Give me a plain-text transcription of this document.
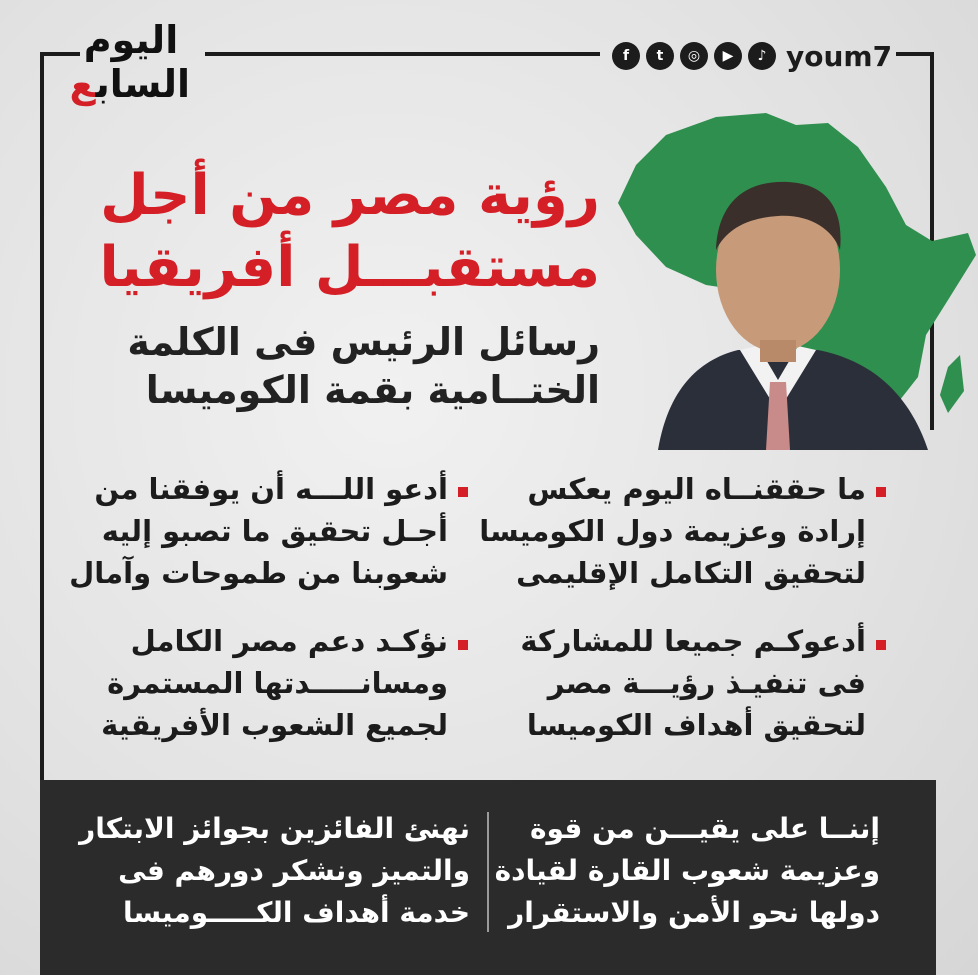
اليوم
السابع
youm7
♪
▶
◎
t
f
رؤية مصر من أجل
مستقبـــل أفريقيا
رسائل الرئيس فى الكلمة
الختــامية بقمة الكوميسا
ما حققنــاه اليوم يعكس
إرادة وعزيمة دول الكوميسا
لتحقيق التكامل الإقليمى
أدعو اللـــه أن يوفقنا من
أجـل تحقيق ما تصبو إليه
شعوبنا من طموحات وآمال
أدعوكـم جميعا للمشاركة
فى تنفيـذ رؤيـــة مصر
لتحقيق أهداف الكوميسا
نؤكـد دعم مصر الكامل
ومسانـــــدتها المستمرة
لجميع الشعوب الأفريقية
إننــا على يقيـــن من قوة
وعزيمة شعوب القارة لقيادة
دولها نحو الأمن والاستقرار
نهنئ الفائزين بجوائز الابتكار
والتميز ونشكر دورهم فى
خدمة أهداف الكـــــوميسا
